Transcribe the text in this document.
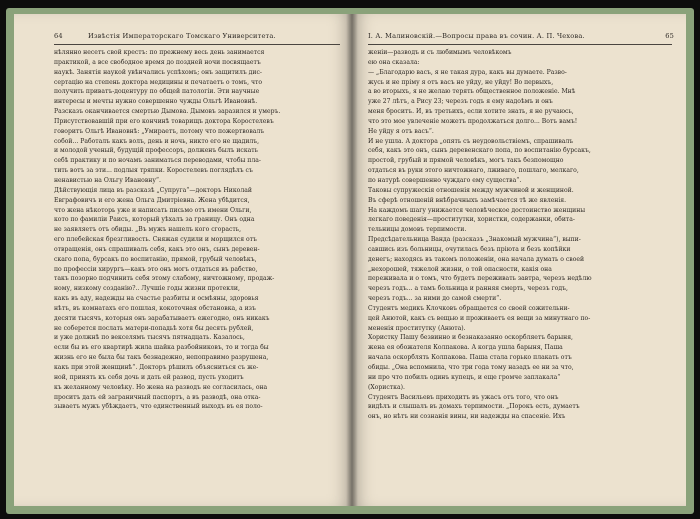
64	Извѣстія Императорскаго Томскаго Университета.
нѣлянно несетъ свой крестъ: по прежнему весь день занимается
практикой, а все свободное время до поздней ночи посвящаетъ
наукѣ. Занятія наукой увѣнчались успѣхомъ; онъ защитилъ дис-
сертацію на степень доктора медицины и печатаетъ о томъ, что
получить приватъ-доцентуру по общей патологіи. Эти научные
интересы и мечты нужно совершенно чужды Ольгѣ Ивановнѣ.
Разсказъ оканчивается смертью Дымова. Дымовъ заразился и умеръ.
Присутствовавшій при его кончинѣ товарищъ доктора Коростелевъ
говоритъ Ольгѣ Ивановнѣ: „Умираетъ, потому что пожертвовалъ
собой... Работалъ какъ волъ, день и ночь, никто его не щадилъ,
и молодой ученый, будущій профессоръ, долженъ былъ искать
себѣ практику и по ночамъ заниматься переводами, чтобы пла-
тить вотъ за эти... подлыя тряпки. Коростелевъ поглядѣлъ съ
ненавистью на Ольгу Ивановну“.
Дѣйствующія лица въ разсказѣ „Супруга“—докторъ Николай
Евграфовичъ и его жена Ольга Дмитріевна. Жена убѣдится,
что жена нѣкоторь уже и написать письмо отъ имени Ольги,
кото по фамиліи Раисъ, который уѣхалъ за границу. Онъ одна
не заявляетъ отъ обиды. „Въ мужъ нашелъ кого сгорасть,
его плебейская брезгливость. Сняжая судили и морщился отъ
отвращенія, онъ спрашивалъ себя, какъ это онъ, сынъ деревен-
скаго попа, бурсакъ по воспитанію, прямой, грубый человѣкъ,
по профессіи хирургъ—какъ это онъ могъ отдаться въ рабство,
такъ позорно подчинить себя этому слабому, ничтожному, продаж-
ному, низкому созданію?.. Лучшіе годы жизни протекли,
какъ въ аду, надежды на счастье разбиты и осмѣяны, здоровья
нѣтъ, въ комнатахъ его пошлая, кокоточная обстановка, а изъ
десяти тысячъ, которыя онъ зарабатываетъ ежегодно, онъ никакъ
не соберется послать матери-попадьѣ хотя бы десять рублей,
и уже должнѣ по векселямъ тысячъ пятнадцать. Казалось,
если бы въ его квартирѣ жила шайка разбойниковъ, то и тогда бы
жизнь его не была бы такъ безнадежно, непоправимо разрушена,
какъ при этой женщинѣ“. Докторъ рѣшилъ объясниться съ же-
ной, принять къ себя дочь и дать ей развод, пусть уходитъ
къ желанному человѣку. Но жена на разводъ не согласилась, она
проситъ дать ей заграничный паспортъ, а въ разводѣ, она отка-
зываетъ мужъ убѣждаетъ, что единственный выходъ въ ея поло-
І. А. Малиновскій.—Вопросы права въ сочин. А. П. Чехова.	65
женіи—разводъ и съ любимымъ человѣкомъ
ею она сказала:
— „Благодарю васъ, я не такая дура, какъ вы думаете. Разво-
жусь и не пріму я отъ васъ не уйду, не уйду! Во первыхъ,
а во вторыхъ, я не желаю терять общественное положеніе. Мнѣ
уже 27 лѣтъ, а Рису 23; черезъ годъ я ему надоѣмъ и онъ
меня броситъ. И, въ третьихъ, если хотите знать, я не ручаюсь,
что это мое увлеченіе можетъ продолжаться долго... Вотъ вамъ!
Не уйду я отъ васъ“.
И не ушла. А доктора „опять съ неудовольствіемъ, спрашивалъ
себя, какъ это онъ, сынъ деревенскаго попа, по воспитанію бурсакъ,
простой, грубый и прямой человѣкъ, могъ такъ безпомощно
отдаться въ руки этого ничтожнаго, лживаго, пошлаго, мелкаго,
по натурѣ совершенно чуждаго ему существа“.
Таковы супружескія отношенія между мужчиной и женщиной.
Въ сферѣ отношеній внѣбрачныхъ замѣчается тѣ же явленія.
На каждомъ шагу унижается человѣческое достоинство женщины
легкаго поведенія—проститутки, хористки, содержанки, обита-
тельницы домовъ терпимости.
Предсѣдательница Ванда (разсказъ „Знакомый мужчина“), выпи-
савшись изъ больницы, очутилась безъ пріюта и безъ копѣйки
денегъ; находясь въ такомъ положеніи, она начала думать о своей
„нехорошей, тяжелой жизни, о той опасности, какія она
переживала и о томъ, что будетъ переживать завтра, черезъ недѣлю
черезъ годъ... а тамъ больница и ранняя смерть, черезъ годъ,
черезъ годъ... за ними до самой смерти“.
Студентъ медикъ Клочковъ обращается со своей сожительни-
цей Анютой, какъ съ вещью и проживаетъ ея вещи за минутнаго по-
мененія проститутку (Анюта).
Хористку Пашу безвинно и безнаказанно оскорбляетъ барыня,
жена ея обожателя Колпакова. А когда ушла барыня, Паша
начала оскорблять Колпакова. Паша стала горько плакать отъ
обиды. „Она вспомнила, что три года тому назадъ ее ни за что,
ни про что побилъ одинъ купецъ, и еще громче заплакала“
(Хористка).
Студентъ Васильевъ приходитъ въ ужасъ отъ того, что онъ
видѣлъ и слышалъ въ домахъ терпимости. „Порокъ есть, думаетъ
онъ, но нѣтъ ни сознанія вины, ни надежды на спасеніе. Ихъ
